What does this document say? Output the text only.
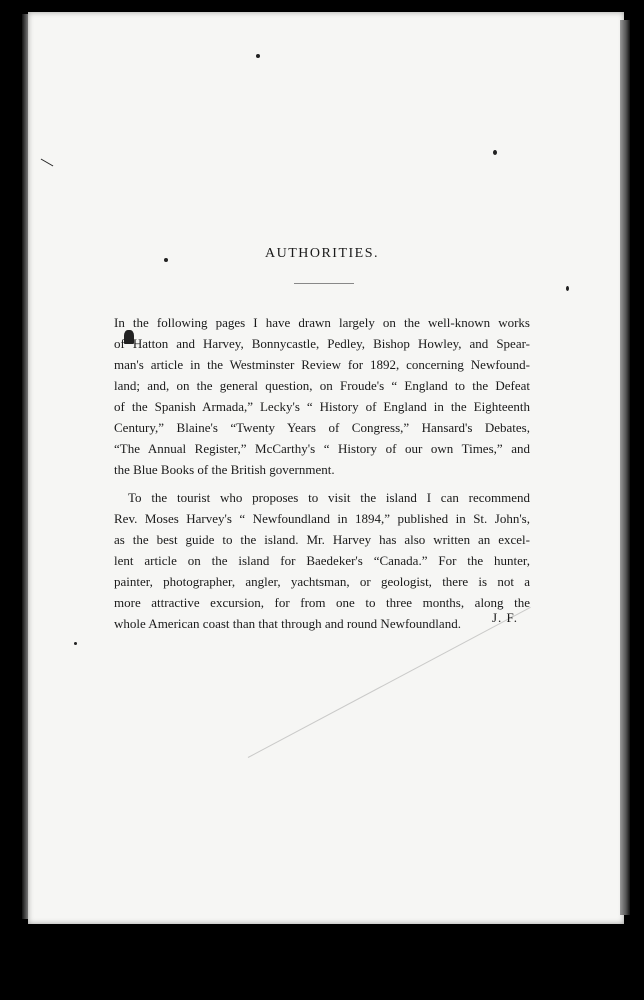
AUTHORITIES.

In the following pages I have drawn largely on the well-known works
of Hatton and Harvey, Bonnycastle, Pedley, Bishop Howley, and Spear-
man's article in the Westminster Review for 1892, concerning Newfound-
land; and, on the general question, on Froude's “ England to the Defeat
of the Spanish Armada,” Lecky's “ History of England in the Eighteenth
Century,” Blaine's “Twenty Years of Congress,” Hansard's Debates,
“The Annual Register,” McCarthy's “ History of our own Times,” and
the Blue Books of the British government.

To the tourist who proposes to visit the island I can recommend
Rev. Moses Harvey's “ Newfoundland in 1894,” published in St. John's,
as the best guide to the island. Mr. Harvey has also written an excel-
lent article on the island for Baedeker's “Canada.” For the hunter,
painter, photographer, angler, yachtsman, or geologist, there is not a
more attractive excursion, for from one to three months, along the
whole American coast than that through and round Newfoundland.	J. F.
